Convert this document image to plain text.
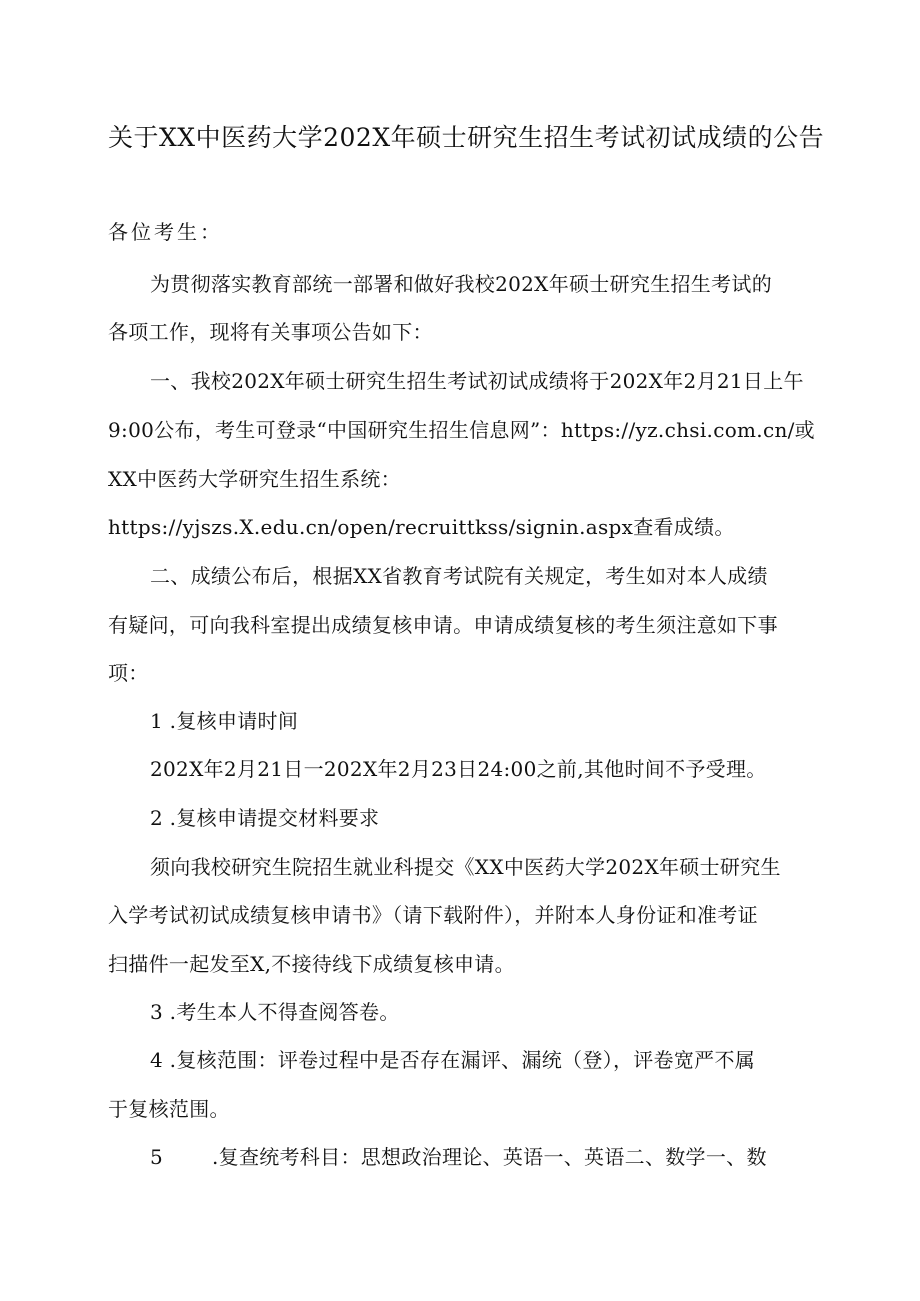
关于XX中医药大学202X年硕士研究生招生考试初试成绩的公告
各位考生：
为贯彻落实教育部统一部署和做好我校202X年硕士研究生招生考试的
各项工作，现将有关事项公告如下：
一、我校202X年硕士研究生招生考试初试成绩将于202X年2月21日上午
9:00公布，考生可登录“中国研究生招生信息网”：https://yz.chsi.com.cn/或
XX中医药大学研究生招生系统：
https://yjszs.X.edu.cn/open/recruittkss/signin.aspx查看成绩。
二、成绩公布后，根据XX省教育考试院有关规定，考生如对本人成绩
有疑问，可向我科室提出成绩复核申请。申请成绩复核的考生须注意如下事
项：
1 .复核申请时间
202X年2月21日一202X年2月23日24:00之前,其他时间不予受理。
2 .复核申请提交材料要求
须向我校研究生院招生就业科提交《XX中医药大学202X年硕士研究生
入学考试初试成绩复核申请书》（请下载附件），并附本人身份证和准考证
扫描件一起发至X,不接待线下成绩复核申请。
3 .考生本人不得查阅答卷。
4 .复核范围：评卷过程中是否存在漏评、漏统（登），评卷宽严不属
于复核范围。
5 .复查统考科目：思想政治理论、英语一、英语二、数学一、数
